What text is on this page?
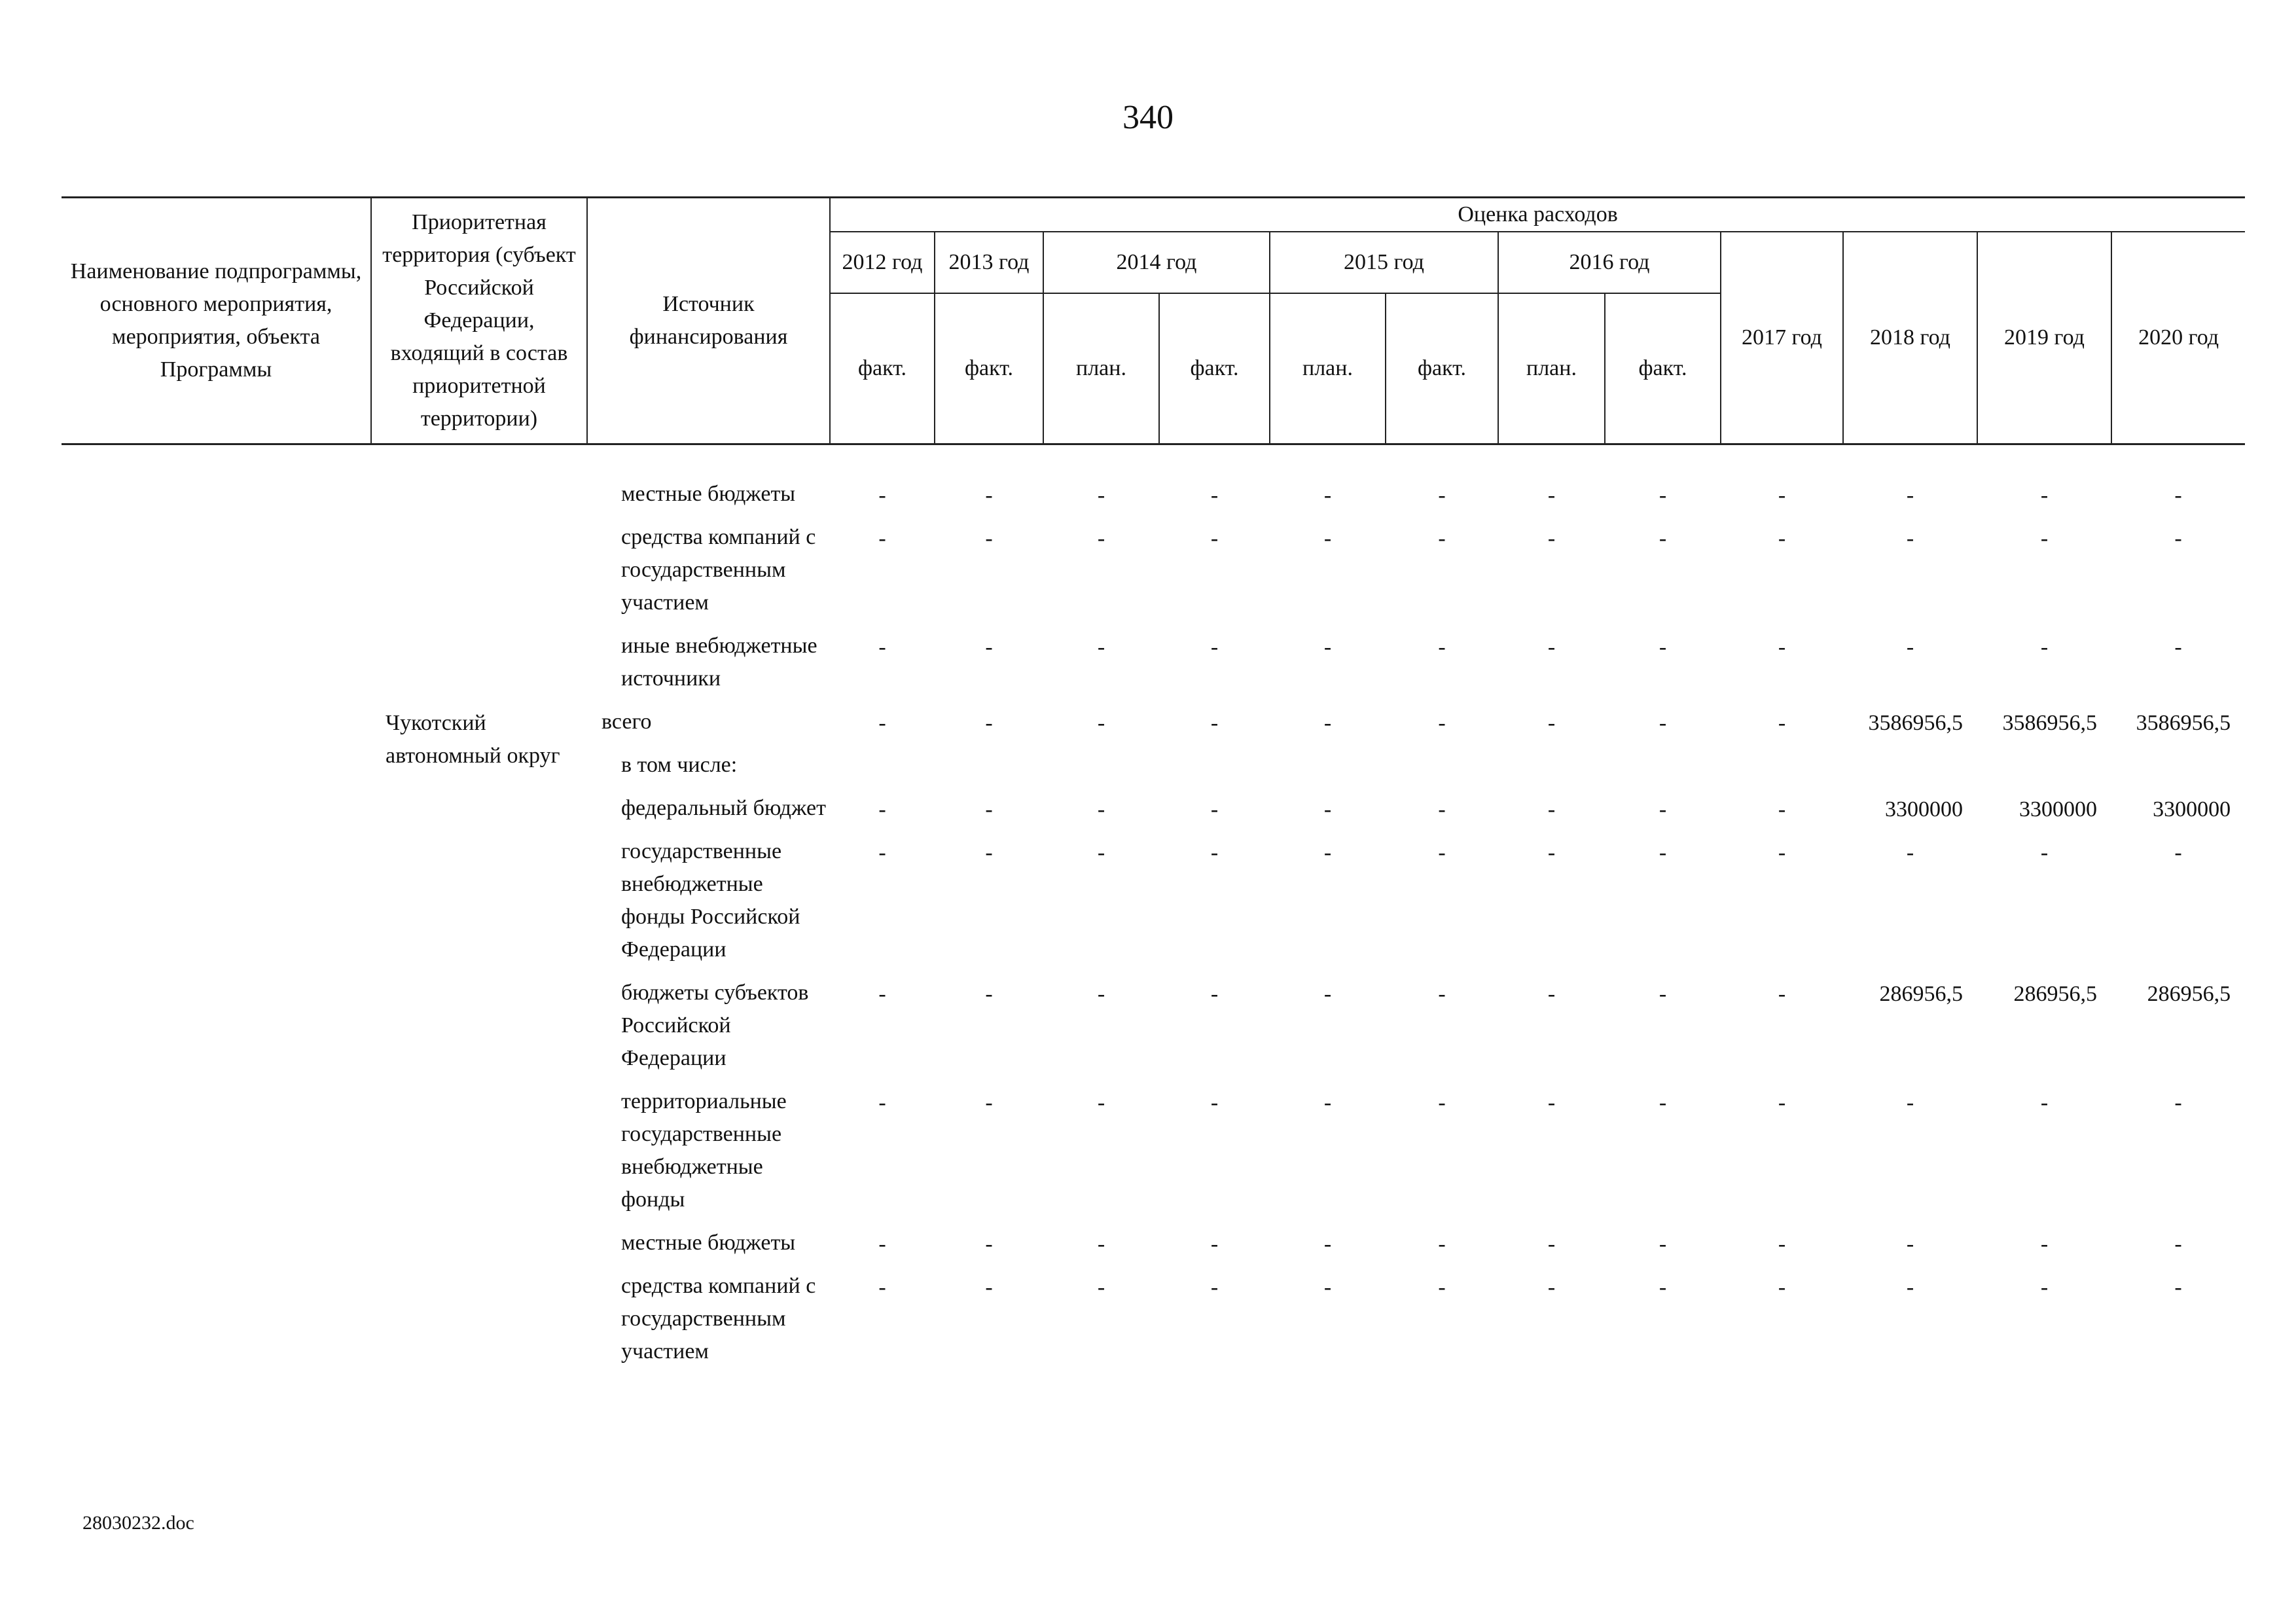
340
Наименование подпрограммы, основного мероприятия, мероприятия, объекта Программы	Приоритетная территория (субъект Российской Федерации, входящий в состав приоритетной территории)	Источник финансирования	Оценка расходов											
			2012 год	2013 год	2014 год		2015 год		2016 год		2017 год	2018 год	2019 год	2020 год
			факт.	факт.	план.	факт.	план.	факт.	план.	факт.				

		местные бюджеты	-	-	-	-	-	-	-	-	-	-	-	-
		средства компаний с государственным участием	-	-	-	-	-	-	-	-	-	-	-	-
		иные внебюджетные источники	-	-	-	-	-	-	-	-	-	-	-	-
	Чукотский автономный округ	всего	-	-	-	-	-	-	-	-	-	3586956,5	3586956,5	3586956,5
		в том числе:												
		федеральный бюджет	-	-	-	-	-	-	-	-	-	3300000	3300000	3300000
		государственные внебюджетные фонды Российской Федерации	-	-	-	-	-	-	-	-	-	-	-	-
		бюджеты субъектов Российской Федерации	-	-	-	-	-	-	-	-	-	286956,5	286956,5	286956,5
		территориальные государственные внебюджетные фонды	-	-	-	-	-	-	-	-	-	-	-	-
		местные бюджеты	-	-	-	-	-	-	-	-	-	-	-	-
		средства компаний с государственным участием	-	-	-	-	-	-	-	-	-	-	-	-
28030232.doc
